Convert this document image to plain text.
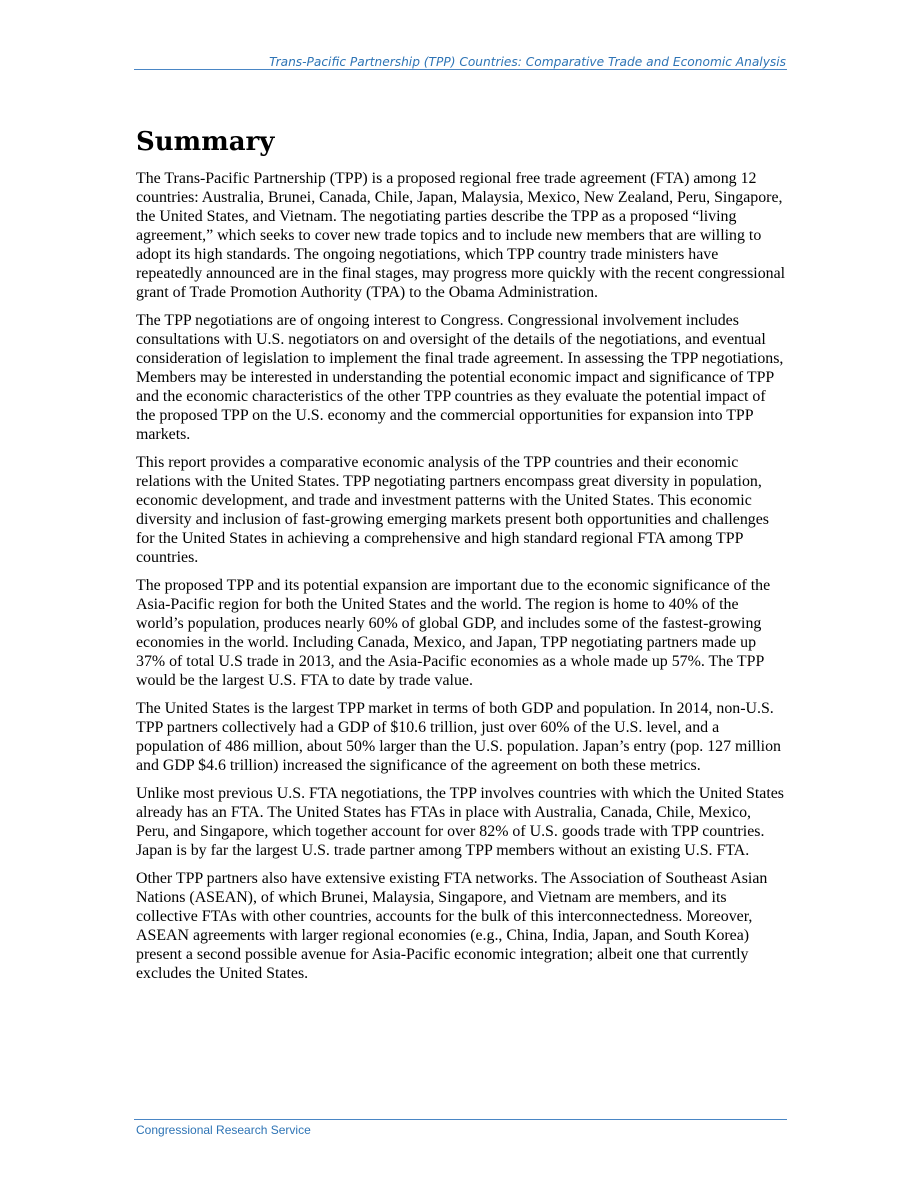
Trans-Pacific Partnership (TPP) Countries: Comparative Trade and Economic Analysis
Summary

The Trans-Pacific Partnership (TPP) is a proposed regional free trade agreement (FTA) among 12 countries: Australia, Brunei, Canada, Chile, Japan, Malaysia, Mexico, New Zealand, Peru, Singapore, the United States, and Vietnam. The negotiating parties describe the TPP as a proposed “living agreement,” which seeks to cover new trade topics and to include new members that are willing to adopt its high standards. The ongoing negotiations, which TPP country trade ministers have repeatedly announced are in the final stages, may progress more quickly with the recent congressional grant of Trade Promotion Authority (TPA) to the Obama Administration.

The TPP negotiations are of ongoing interest to Congress. Congressional involvement includes consultations with U.S. negotiators on and oversight of the details of the negotiations, and eventual consideration of legislation to implement the final trade agreement. In assessing the TPP negotiations, Members may be interested in understanding the potential economic impact and significance of TPP and the economic characteristics of the other TPP countries as they evaluate the potential impact of the proposed TPP on the U.S. economy and the commercial opportunities for expansion into TPP markets.

This report provides a comparative economic analysis of the TPP countries and their economic relations with the United States. TPP negotiating partners encompass great diversity in population, economic development, and trade and investment patterns with the United States. This economic diversity and inclusion of fast-growing emerging markets present both opportunities and challenges for the United States in achieving a comprehensive and high standard regional FTA among TPP countries.

The proposed TPP and its potential expansion are important due to the economic significance of the Asia-Pacific region for both the United States and the world. The region is home to 40% of the world’s population, produces nearly 60% of global GDP, and includes some of the fastest-growing economies in the world. Including Canada, Mexico, and Japan, TPP negotiating partners made up 37% of total U.S trade in 2013, and the Asia-Pacific economies as a whole made up 57%. The TPP would be the largest U.S. FTA to date by trade value.

The United States is the largest TPP market in terms of both GDP and population. In 2014, non-U.S. TPP partners collectively had a GDP of $10.6 trillion, just over 60% of the U.S. level, and a population of 486 million, about 50% larger than the U.S. population. Japan’s entry (pop. 127 million and GDP $4.6 trillion) increased the significance of the agreement on both these metrics.

Unlike most previous U.S. FTA negotiations, the TPP involves countries with which the United States already has an FTA. The United States has FTAs in place with Australia, Canada, Chile, Mexico, Peru, and Singapore, which together account for over 82% of U.S. goods trade with TPP countries. Japan is by far the largest U.S. trade partner among TPP members without an existing U.S. FTA.

Other TPP partners also have extensive existing FTA networks. The Association of Southeast Asian Nations (ASEAN), of which Brunei, Malaysia, Singapore, and Vietnam are members, and its collective FTAs with other countries, accounts for the bulk of this interconnectedness. Moreover, ASEAN agreements with larger regional economies (e.g., China, India, Japan, and South Korea) present a second possible avenue for Asia-Pacific economic integration; albeit one that currently excludes the United States.

Congressional Research Service
